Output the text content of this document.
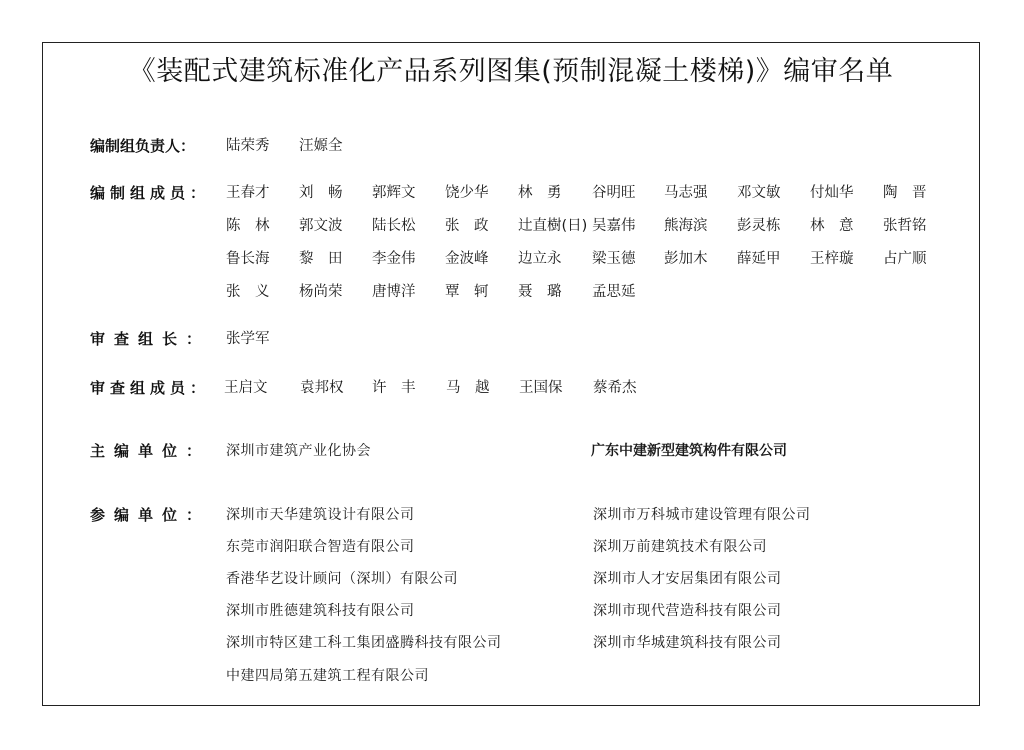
《装配式建筑标准化产品系列图集(预制混凝土楼梯)》编审名单
编制组负责人： 陆荣秀 汪嫄全
编制组成员： 王春才 刘　畅 郭辉文 饶少华 林　勇 谷明旺 马志强 邓文敏 付灿华 陶　晋
陈　林 郭文波 陆长松 张　政 辻直樹(日) 吴嘉伟 熊海滨 彭灵栋 林　意 张哲铭
鲁长海 黎　田 李金伟 金波峰 边立永 梁玉德 彭加木 薛延甲 王梓璇 占广顺
张　义 杨尚荣 唐博洋 覃　轲 聂　璐 孟思延
审查组长： 张学军
审查组成员： 王启文 袁邦权 许　丰 马　越 王国保 蔡希杰
主编单位： 深圳市建筑产业化协会	广东中建新型建筑构件有限公司
参编单位： 深圳市天华建筑设计有限公司
东莞市润阳联合智造有限公司
香港华艺设计顾问（深圳）有限公司
深圳市胜德建筑科技有限公司
深圳市特区建工科工集团盛腾科技有限公司
中建四局第五建筑工程有限公司
深圳市万科城市建设管理有限公司
深圳万前建筑技术有限公司
深圳市人才安居集团有限公司
深圳市现代营造科技有限公司
深圳市华城建筑科技有限公司
